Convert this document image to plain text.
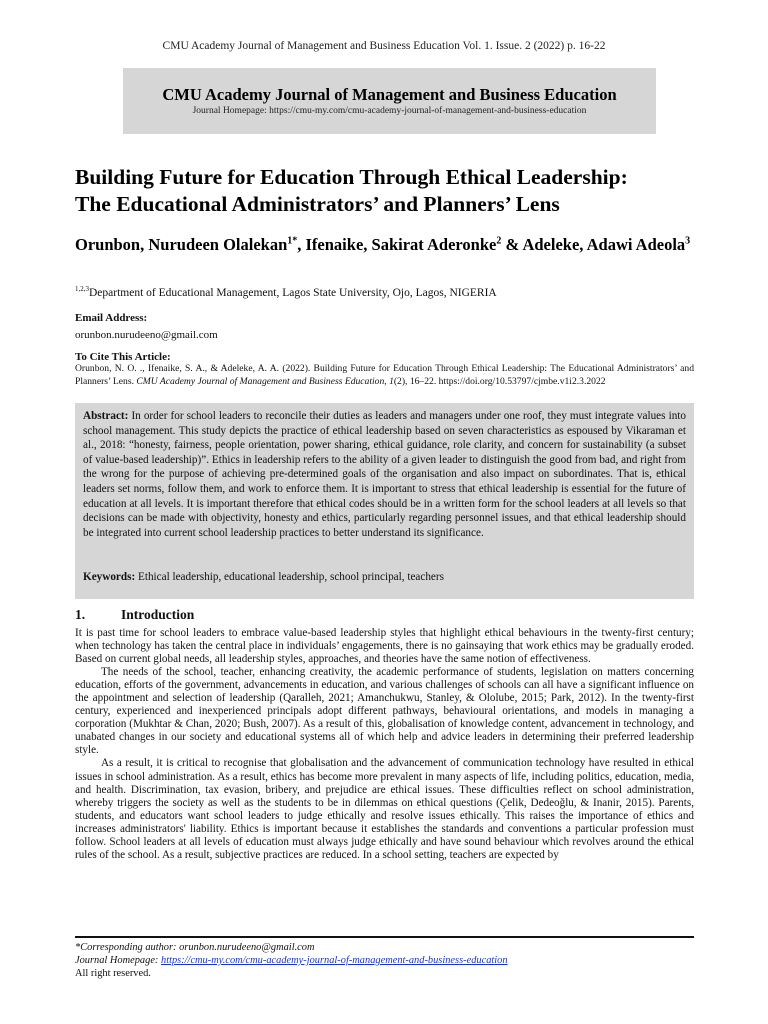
CMU Academy Journal of Management and Business Education Vol. 1. Issue. 2 (2022) p. 16-22
CMU Academy Journal of Management and Business Education
Journal Homepage: https://cmu-my.com/cmu-academy-journal-of-management-and-business-education
Building Future for Education Through Ethical Leadership:
The Educational Administrators’ and Planners’ Lens
Orunbon, Nurudeen Olalekan$^{1*}$, Ifenaike, Sakirat Aderonke$^2$ & Adeleke, Adawi Adeola$^3$
$^{1,2,3}$Department of Educational Management, Lagos State University, Ojo, Lagos, NIGERIA
Email Address:
orunbon.nurudeeno@gmail.com
To Cite This Article:
Orunbon, N. O. ., Ifenaike, S. A., & Adeleke, A. A. (2022). Building Future for Education Through Ethical Leadership: The Educational Administrators’ and Planners’ Lens. CMU Academy Journal of Management and Business Education, 1(2), 16–22. https://doi.org/10.53797/cjmbe.v1i2.3.2022
Abstract: In order for school leaders to reconcile their duties as leaders and managers under one roof, they must integrate values into school management. This study depicts the practice of ethical leadership based on seven characteristics as espoused by Vikaraman et al., 2018: “honesty, fairness, people orientation, power sharing, ethical guidance, role clarity, and concern for sustainability (a subset of value-based leadership)”. Ethics in leadership refers to the ability of a given leader to distinguish the good from bad, and right from the wrong for the purpose of achieving pre-determined goals of the organisation and also impact on subordinates. That is, ethical leaders set norms, follow them, and work to enforce them. It is important to stress that ethical leadership is essential for the future of education at all levels. It is important therefore that ethical codes should be in a written form for the school leaders at all levels so that decisions can be made with objectivity, honesty and ethics, particularly regarding personnel issues, and that ethical leadership should be integrated into current school leadership practices to better understand its significance.
Keywords: Ethical leadership, educational leadership, school principal, teachers
1.	Introduction

It is past time for school leaders to embrace value-based leadership styles that highlight ethical behaviours in the twenty-first century; when technology has taken the central place in individuals’ engagements, there is no gainsaying that work ethics may be gradually eroded. Based on current global needs, all leadership styles, approaches, and theories have the same notion of effectiveness.

The needs of the school, teacher, enhancing creativity, the academic performance of students, legislation on matters concerning education, efforts of the government, advancements in education, and various challenges of schools can all have a significant influence on the appointment and selection of leadership (Qaralleh, 2021; Amanchukwu, Stanley, & Ololube, 2015; Park, 2012). In the twenty-first century, experienced and inexperienced principals adopt different pathways, behavioural orientations, and models in managing a corporation (Mukhtar & Chan, 2020; Bush, 2007). As a result of this, globalisation of knowledge content, advancement in technology, and unabated changes in our society and educational systems all of which help and advice leaders in determining their preferred leadership style.

As a result, it is critical to recognise that globalisation and the advancement of communication technology have resulted in ethical issues in school administration. As a result, ethics has become more prevalent in many aspects of life, including politics, education, media, and health. Discrimination, tax evasion, bribery, and prejudice are ethical issues. These difficulties reflect on school administration, whereby triggers the society as well as the students to be in dilemmas on ethical questions (Çelik, Dedeoğlu, & Inanir, 2015). Parents, students, and educators want school leaders to judge ethically and resolve issues ethically. This raises the importance of ethics and increases administrators' liability. Ethics is important because it establishes the standards and conventions a particular profession must follow. School leaders at all levels of education must always judge ethically and have sound behaviour which revolves around the ethical rules of the school. As a result, subjective practices are reduced. In a school setting, teachers are expected by

*Corresponding author: orunbon.nurudeeno@gmail.com
Journal Homepage: https://cmu-my.com/cmu-academy-journal-of-management-and-business-education
All right reserved.
